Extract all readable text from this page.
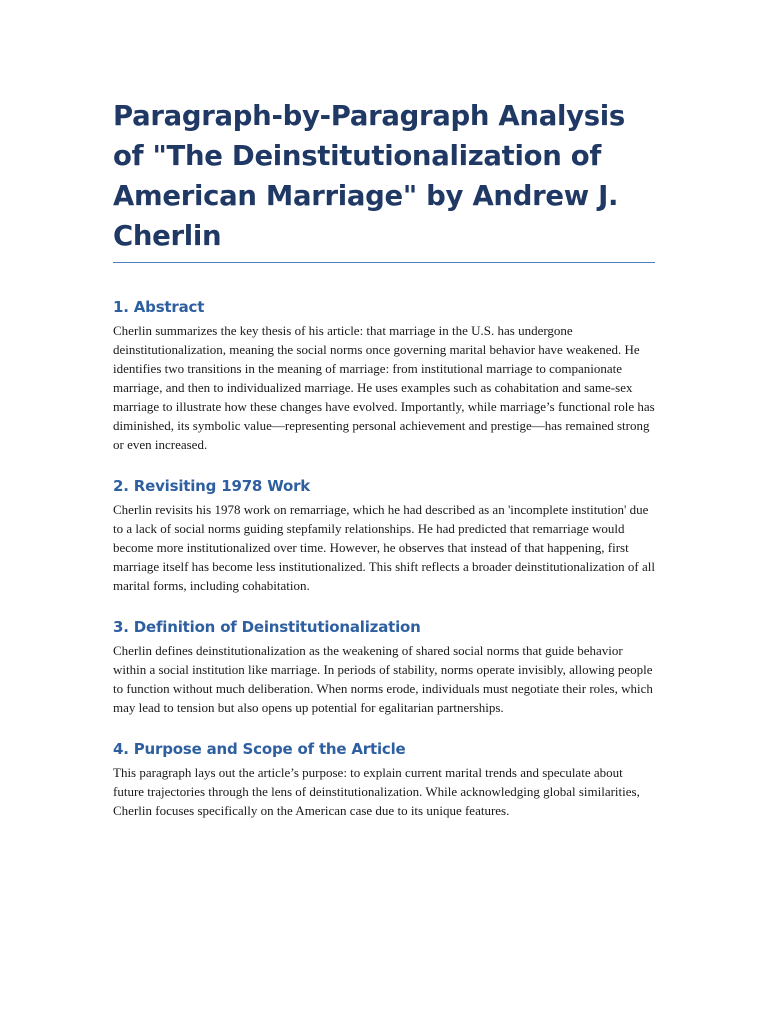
Paragraph-by-Paragraph Analysis of "The Deinstitutionalization of American Marriage" by Andrew J. Cherlin
1. Abstract

Cherlin summarizes the key thesis of his article: that marriage in the U.S. has undergone deinstitutionalization, meaning the social norms once governing marital behavior have weakened. He identifies two transitions in the meaning of marriage: from institutional marriage to companionate marriage, and then to individualized marriage. He uses examples such as cohabitation and same-sex marriage to illustrate how these changes have evolved. Importantly, while marriage’s functional role has diminished, its symbolic value—representing personal achievement and prestige—has remained strong or even increased.

2. Revisiting 1978 Work

Cherlin revisits his 1978 work on remarriage, which he had described as an 'incomplete institution' due to a lack of social norms guiding stepfamily relationships. He had predicted that remarriage would become more institutionalized over time. However, he observes that instead of that happening, first marriage itself has become less institutionalized. This shift reflects a broader deinstitutionalization of all marital forms, including cohabitation.

3. Definition of Deinstitutionalization

Cherlin defines deinstitutionalization as the weakening of shared social norms that guide behavior within a social institution like marriage. In periods of stability, norms operate invisibly, allowing people to function without much deliberation. When norms erode, individuals must negotiate their roles, which may lead to tension but also opens up potential for egalitarian partnerships.

4. Purpose and Scope of the Article

This paragraph lays out the article’s purpose: to explain current marital trends and speculate about future trajectories through the lens of deinstitutionalization. While acknowledging global similarities, Cherlin focuses specifically on the American case due to its unique features.
